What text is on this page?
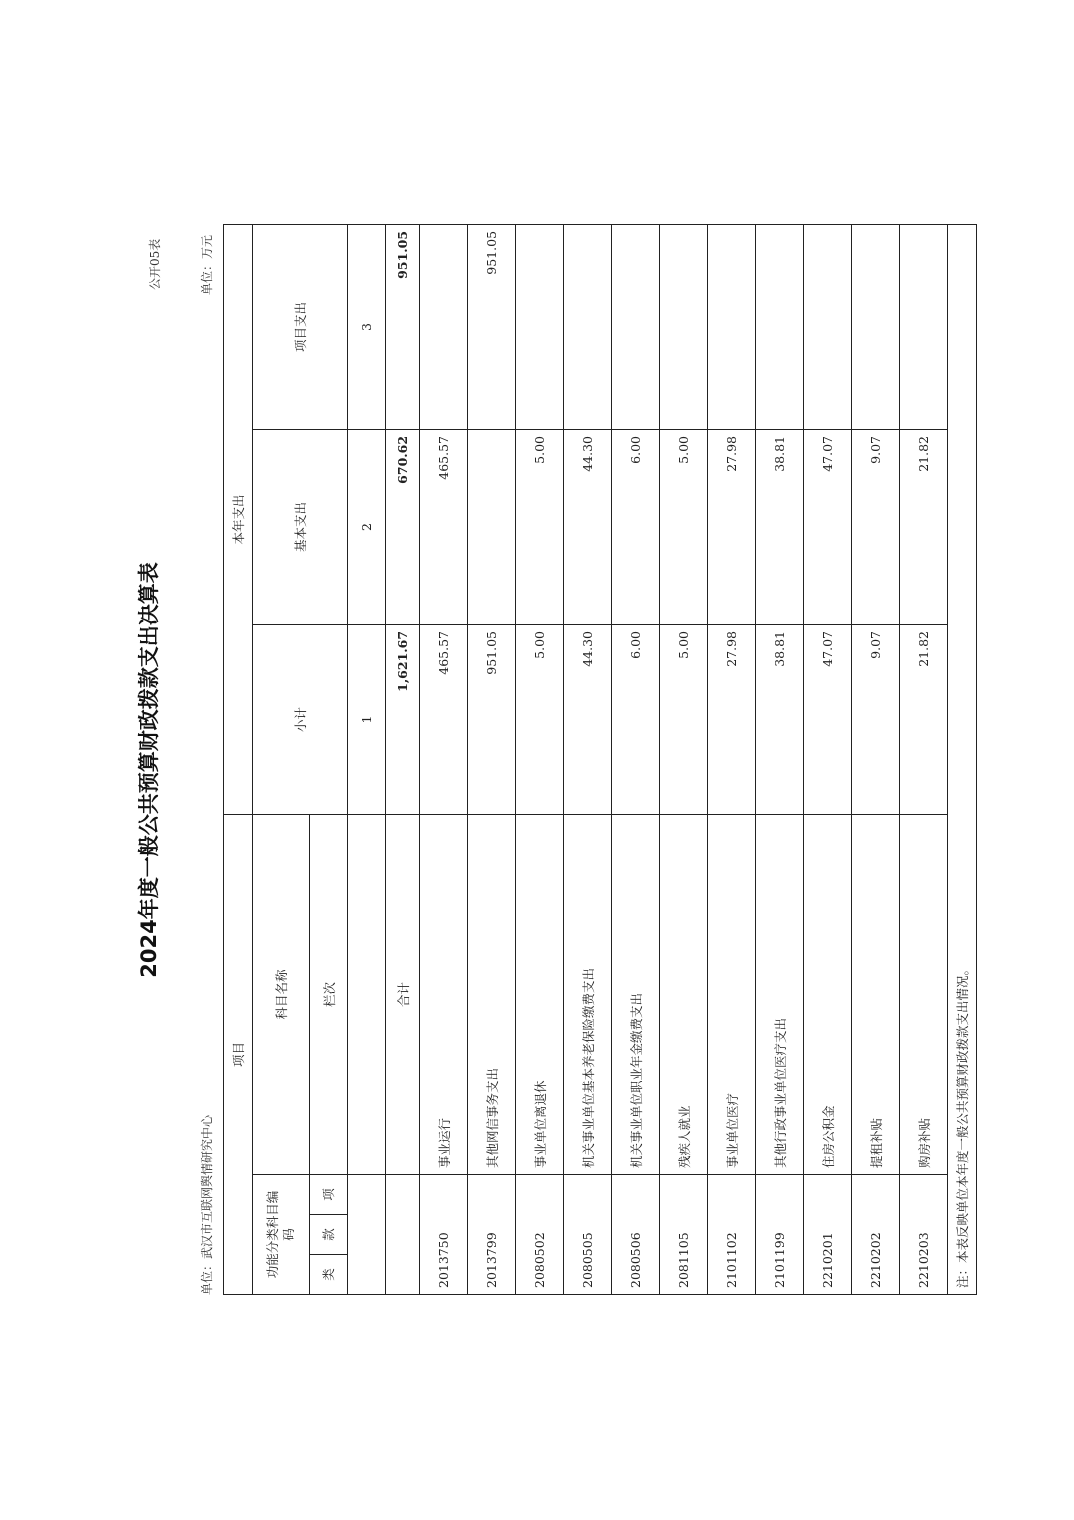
2024年度一般公共预算财政拨款支出决算表
公开05表
单位：武汉市互联网舆情研究中心
单位：万元
项目		本年支出		

功能分类科目编码	科目名称	小计	基本支出	项目支出

类
款
项	栏次			
		1	2	3
	合计	1,621.67	670.62	951.05
2013750	事业运行	465.57	465.57	
2013799	其他网信事务支出	951.05		951.05
2080502	事业单位离退休	5.00	5.00	
2080505	机关事业单位基本养老保险缴费支出	44.30	44.30	
2080506	机关事业单位职业年金缴费支出	6.00	6.00	
2081105	残疾人就业	5.00	5.00	
2101102	事业单位医疗	27.98	27.98	
2101199	其他行政事业单位医疗支出	38.81	38.81	
2210201	住房公积金	47.07	47.07	
2210202	提租补贴	9.07	9.07	
2210203	购房补贴	21.82	21.82	
注：本表反映单位本年度一般公共预算财政拨款支出情况。				
